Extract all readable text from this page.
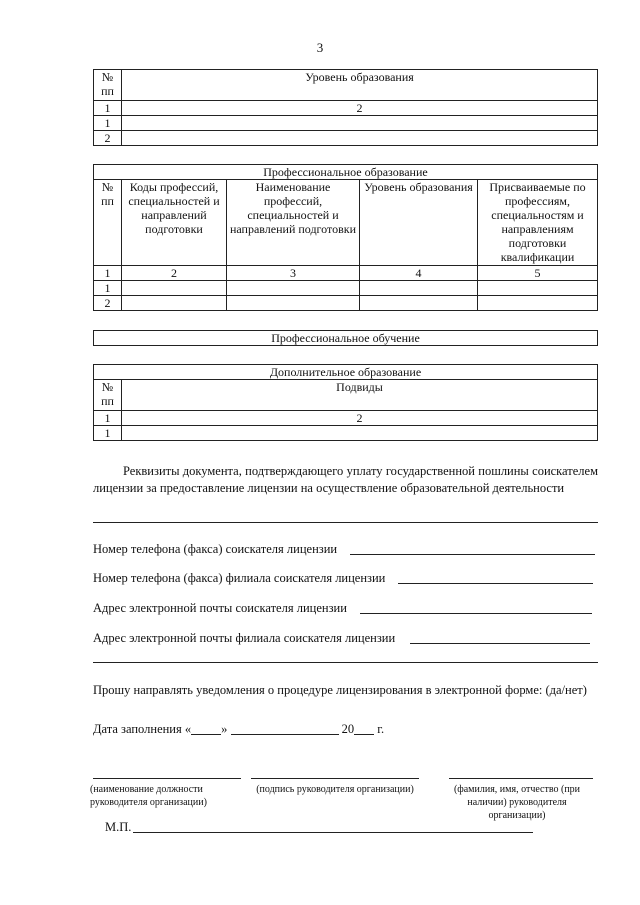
3
№ пп	Уровень образования
1	2
1	
2	
Профессиональное образование				
№ пп	Коды профессий, специальностей и направлений подготовки	Наименование профессий, специальностей и направлений подготовки	Уровень образования	Присваиваемые по профессиям, специальностям и направлениям подготовки квалификации
1	2	3	4	5
1				
2				
Профессиональное обучение
Дополнительное образование	
№ пп	Подвиды
1	2
1	
Реквизиты документа, подтверждающего уплату государственной пошлины соискателем лицензии за предоставление лицензии на осуществление образовательной деятельности
Номер телефона (факса) соискателя лицензии
Номер телефона (факса) филиала соискателя лицензии
Адрес электронной почты соискателя лицензии
Адрес электронной почты филиала соискателя лицензии
Прошу направлять уведомления о процедуре лицензирования в электронной форме: (да/нет)
Дата заполнения « »	20 г.
(наименование должности руководителя организации)
(подпись руководителя организации)	(фамилия, имя, отчество (при наличии) руководителя организации)
М.П.
